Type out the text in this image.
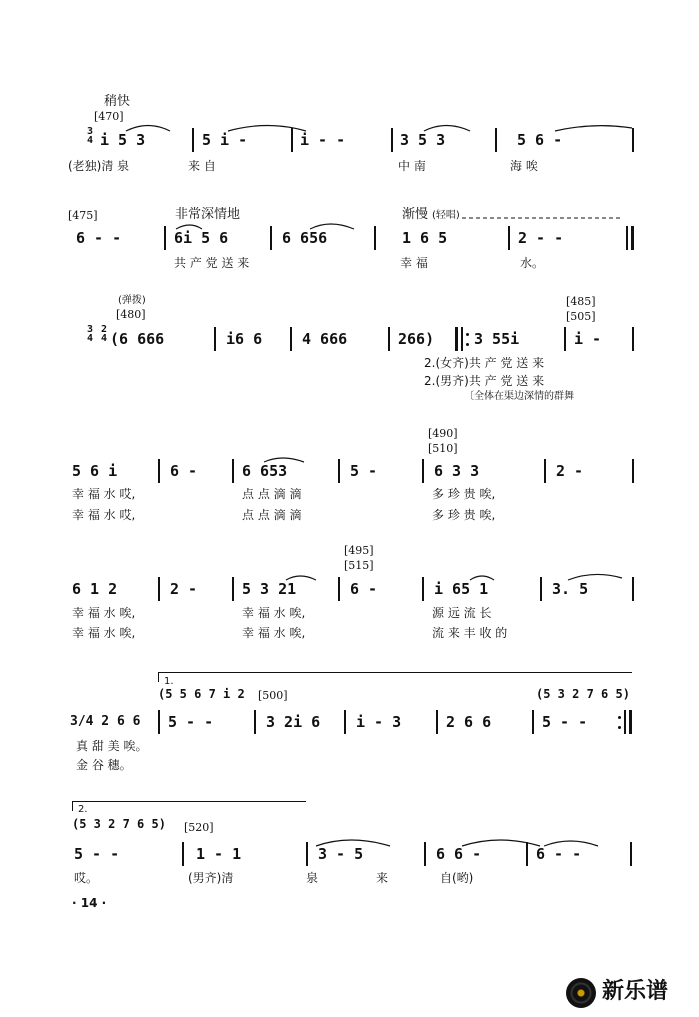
稍快
[470]
3
4 i 5 3	5 i -	i - -	3 5 3	5 6 -
(老独)清 泉	来 自	中 南	海 唉
[475]	非常深情地	渐慢 (轻唱)
6 - -	6i 5 6	6 656	1 6 5	2 - -
共 产 党 送 来	幸 福	水。
(弹拨)
[480]
[485]
[505]
3
4
2
4 (6 666	i6 6	4 666	266)	3 55i	i -
2.(女齐)共 产 党 送 来
2.(男齐)共 产 党 送 来
〔全体在渠边深情的群舞
[490]
[510]
5 6 i	6 -	6 653	5 -	6 3 3	2 -
幸 福 水 哎,	点 点 滴 滴	多 珍 贵 唉,
幸 福 水 哎,	点 点 滴 滴	多 珍 贵 唉,
[495]
[515]
6 1 2	2 -	5 3 21	6 -	i 65 1	3. 5
幸 福 水 唉,	幸 福 水 唉,	源 远 流 长
幸 福 水 唉,	幸 福 水 唉,	流 来 丰 收 的
1.
(5 5 6 7 i 2 [500]	(5 3 2 7 6 5)
3/4 2 6 6 5 - -	3 2i 6 i - 3	2 6 6	5 - -
真 甜 美 唉。
金 谷 穗。
2.
(5 3 2 7 6 5) [520]
5 - -	1 - 1	3 - 5	6 6 -	6 - -
哎。	(男齐)清	泉	来	自(哟)
· 14 ·
新乐谱
